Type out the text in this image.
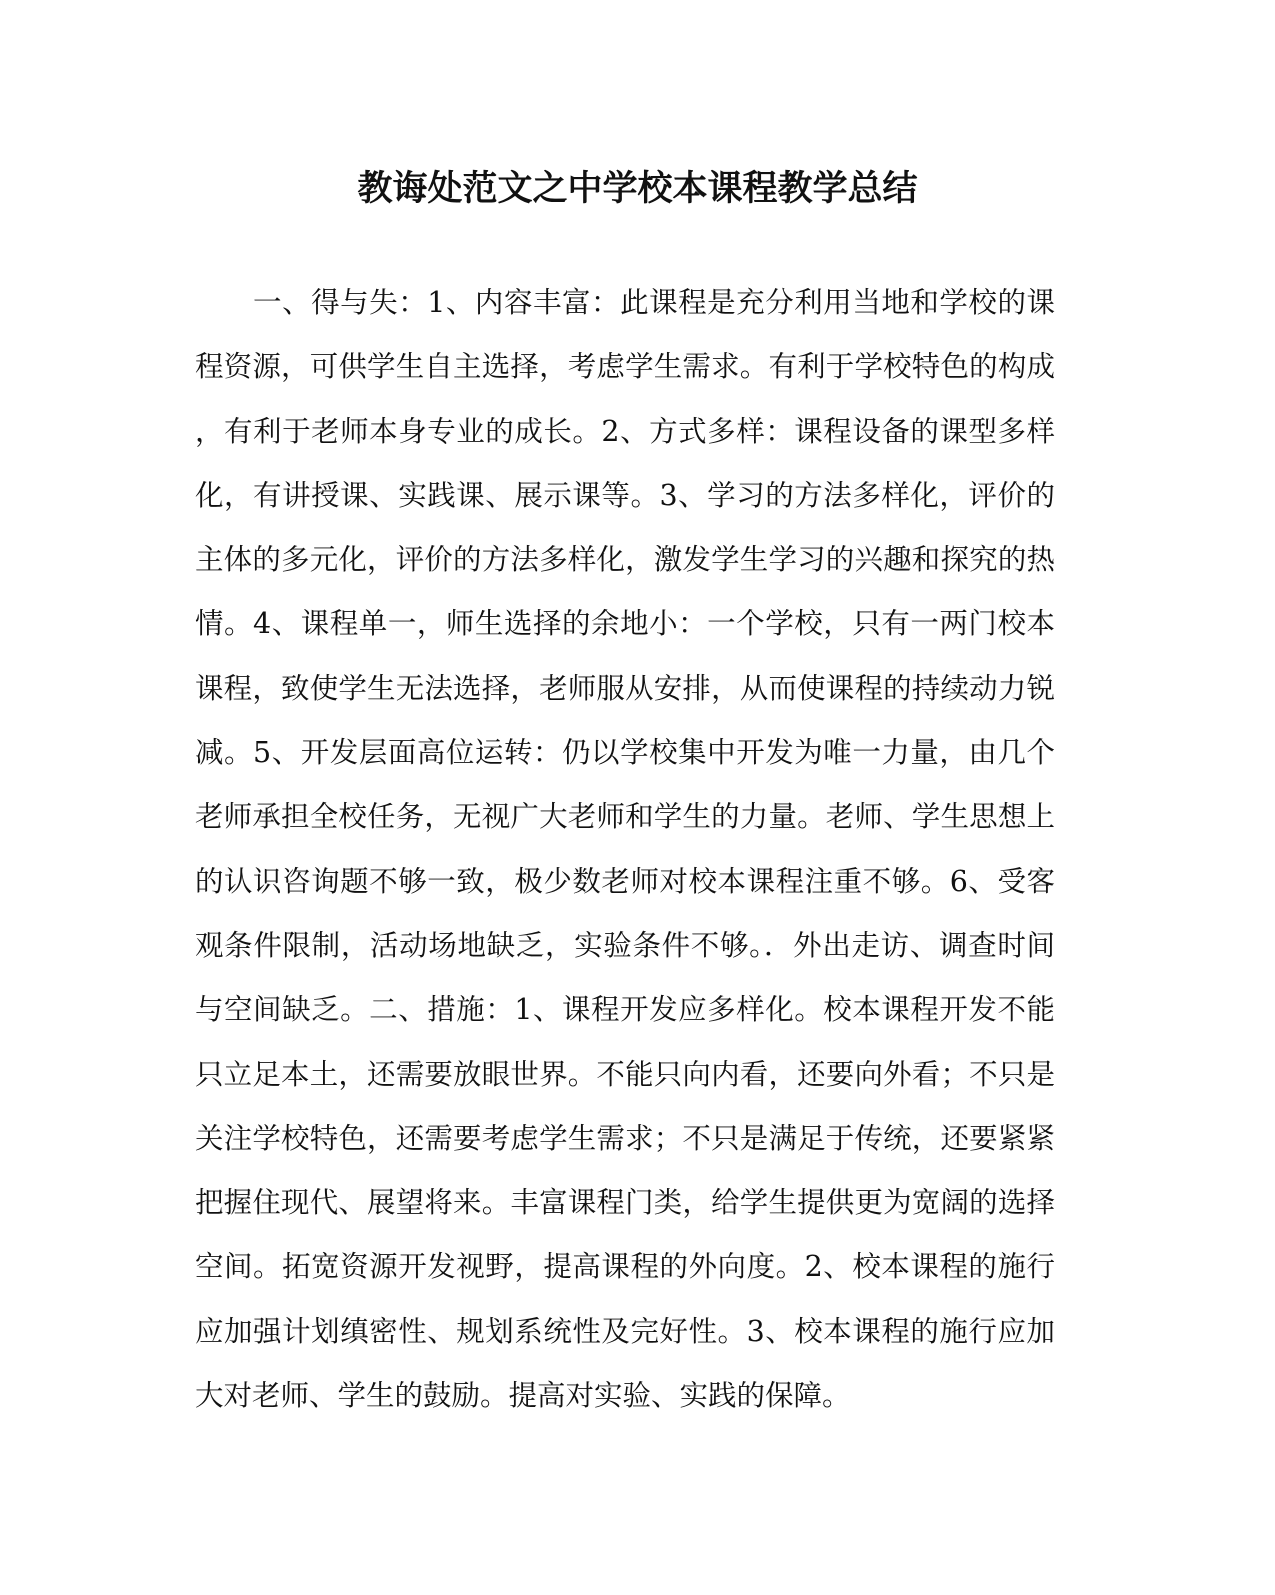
教诲处范文之中学校本课程教学总结
　　一、得与失：1、内容丰富：此课程是充分利用当地和学校的课
程资源，可供学生自主选择，考虑学生需求。有利于学校特色的构成
，有利于老师本身专业的成长。2、方式多样：课程设备的课型多样
化，有讲授课、实践课、展示课等。3、学习的方法多样化，评价的
主体的多元化，评价的方法多样化，激发学生学习的兴趣和探究的热
情。4、课程单一，师生选择的余地小：一个学校，只有一两门校本
课程，致使学生无法选择，老师服从安排，从而使课程的持续动力锐
减。5、开发层面高位运转：仍以学校集中开发为唯一力量，由几个
老师承担全校任务，无视广大老师和学生的力量。老师、学生思想上
的认识咨询题不够一致，极少数老师对校本课程注重不够。6、受客
观条件限制，活动场地缺乏，实验条件不够。．外出走访、调查时间
与空间缺乏。二、措施：1、课程开发应多样化。校本课程开发不能
只立足本土，还需要放眼世界。不能只向内看，还要向外看；不只是
关注学校特色，还需要考虑学生需求；不只是满足于传统，还要紧紧
把握住现代、展望将来。丰富课程门类，给学生提供更为宽阔的选择
空间。拓宽资源开发视野，提高课程的外向度。2、校本课程的施行
应加强计划缜密性、规划系统性及完好性。3、校本课程的施行应加
大对老师、学生的鼓励。提高对实验、实践的保障。
